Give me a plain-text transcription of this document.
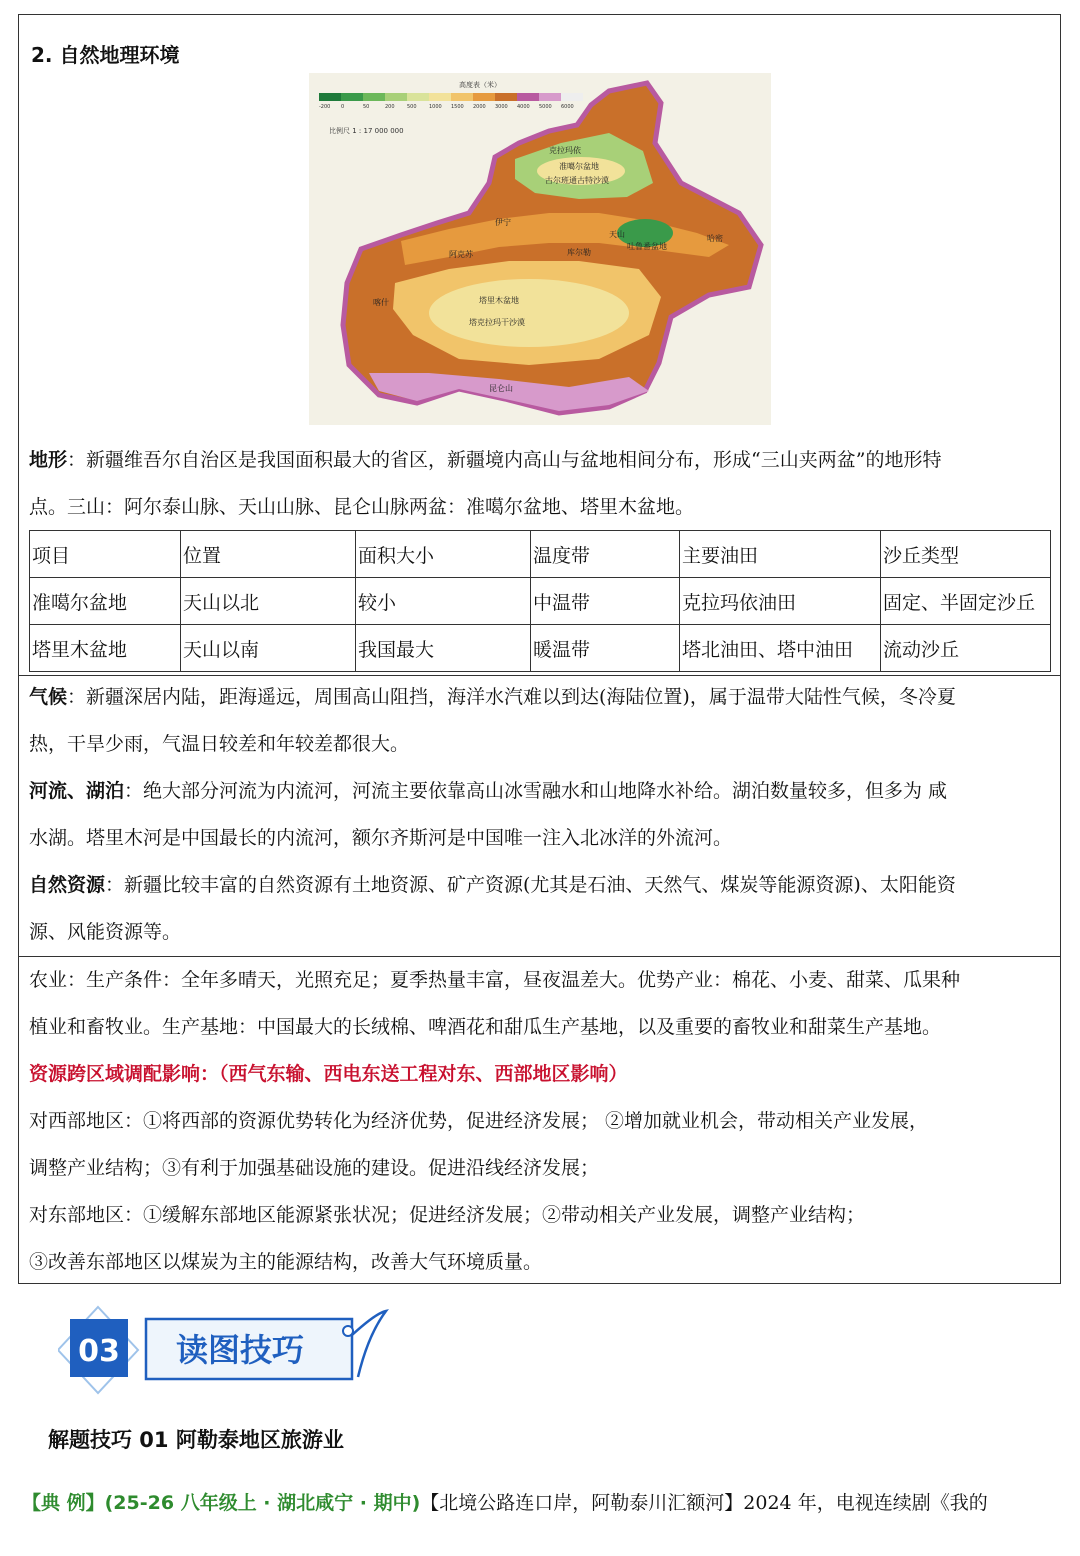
2. 自然地理环境
高度表（米）
-200 0	50	200 500 1000 1500 2000 3000 4000 5000 6000
比例尺 1 : 17 000 000
准噶尔盆地
古尔班通古特沙漠
克拉玛依
天山
塔里木盆地
塔克拉玛干沙漠
阿克苏	库尔勒
伊宁
喀什
昆仑山
吐鲁番盆地
哈密
地形：新疆维吾尔自治区是我国面积最大的省区，新疆境内高山与盆地相间分布，形成“三山夹两盆”的地形特
点。三山：阿尔泰山脉、天山山脉、昆仑山脉两盆：准噶尔盆地、塔里木盆地。
项目	位置	面积大小	温度带	主要油田	沙丘类型
准噶尔盆地	天山以北	较小	中温带	克拉玛依油田	固定、半固定沙丘
塔里木盆地	天山以南	我国最大	暖温带	塔北油田、塔中油田	流动沙丘
气候：新疆深居内陆，距海遥远，周围高山阻挡，海洋水汽难以到达(海陆位置)，属于温带大陆性气候，冬冷夏
热，干旱少雨，气温日较差和年较差都很大。
河流、湖泊：绝大部分河流为内流河，河流主要依靠高山冰雪融水和山地降水补给。湖泊数量较多，但多为 咸
水湖。塔里木河是中国最长的内流河，额尔齐斯河是中国唯一注入北冰洋的外流河。
自然资源：新疆比较丰富的自然资源有土地资源、矿产资源(尤其是石油、天然气、煤炭等能源资源)、太阳能资
源、风能资源等。
农业：生产条件：全年多晴天，光照充足；夏季热量丰富，昼夜温差大。优势产业：棉花、小麦、甜菜、瓜果种
植业和畜牧业。生产基地：中国最大的长绒棉、啤酒花和甜瓜生产基地，以及重要的畜牧业和甜菜生产基地。
资源跨区域调配影响：（西气东输、西电东送工程对东、西部地区影响）
对西部地区：①将西部的资源优势转化为经济优势，促进经济发展； ②增加就业机会，带动相关产业发展，
调整产业结构；③有利于加强基础设施的建设。促进沿线经济发展；
对东部地区：①缓解东部地区能源紧张状况；促进经济发展；②带动相关产业发展，调整产业结构；
③改善东部地区以煤炭为主的能源结构，改善大气环境质量。
03 读图技巧
解题技巧 01 阿勒泰地区旅游业
【典 例】(25-26 八年级上 · 湖北咸宁 · 期中)【北境公路连口岸，阿勒泰川汇额河】2024 年，电视连续剧《我的
